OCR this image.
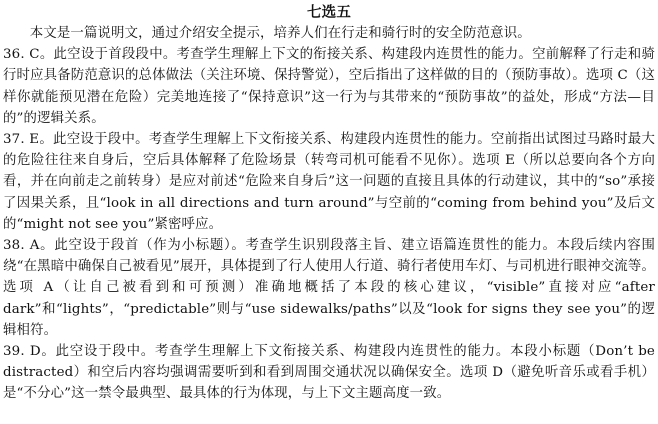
七选五

本文是一篇说明文，通过介绍安全提示，培养人们在行走和骑行时的安全防范意识。

36. C。此空设于首段段中。考查学生理解上下文的衔接关系、构建段内连贯性的能力。空前解释了行走和骑行时应具备防范意识的总体做法（关注环境、保持警觉），空后指出了这样做的目的（预防事故）。选项 C（这样你就能预见潜在危险）完美地连接了“保持意识”这一行为与其带来的“预防事故”的益处，形成“方法—目的”的逻辑关系。

37. E。此空设于段中。考查学生理解上下文衔接关系、构建段内连贯性的能力。空前指出试图过马路时最大的危险往往来自身后，空后具体解释了危险场景（转弯司机可能看不见你）。选项 E（所以总要向各个方向看，并在向前走之前转身）是应对前述“危险来自身后”这一问题的直接且具体的行动建议，其中的“so”承接了因果关系，且“look in all directions and turn around”与空前的“coming from behind you”及后文的“might not see you”紧密呼应。

38. A。此空设于段首（作为小标题）。考查学生识别段落主旨、建立语篇连贯性的能力。本段后续内容围绕“在黑暗中确保自己被看见”展开，具体提到了行人使用人行道、骑行者使用车灯、与司机进行眼神交流等。选项 A（让自己被看到和可预测）准确地概括了本段的核心建议，“visible”直接对应“after dark”和“lights”，“predictable”则与“use sidewalks/paths”以及“look for signs they see you”的逻辑相符。

39. D。此空设于段中。考查学生理解上下文衔接关系、构建段内连贯性的能力。本段小标题（Don’t be distracted）和空后内容均强调需要听到和看到周围交通状况以确保安全。选项 D（避免听音乐或看手机）是“不分心”这一禁令最典型、最具体的行为体现，与上下文主题高度一致。
